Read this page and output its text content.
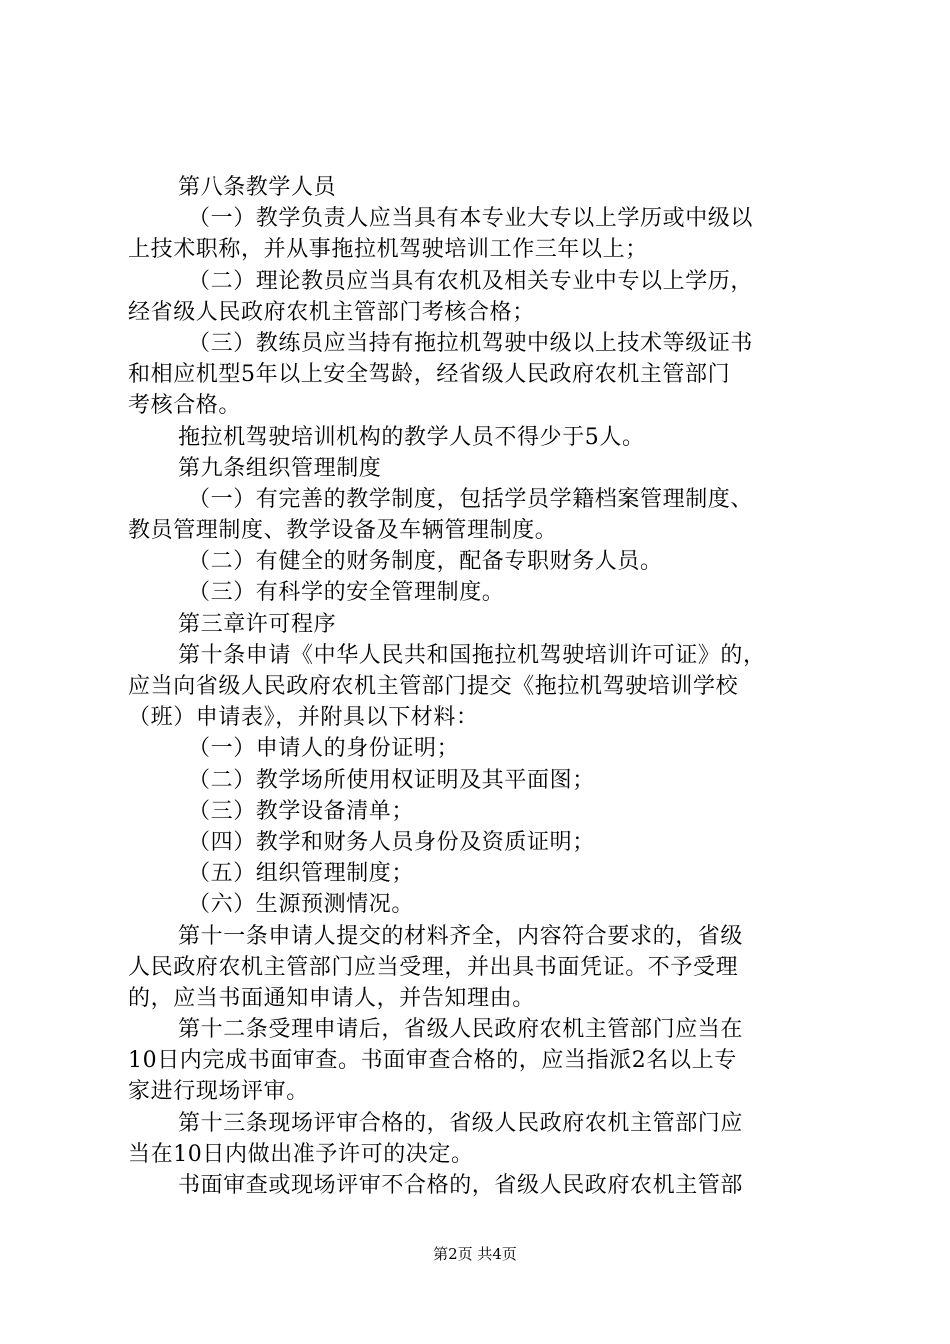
第八条教学人员
（一）教学负责人应当具有本专业大专以上学历或中级以
上技术职称，并从事拖拉机驾驶培训工作三年以上；
（二）理论教员应当具有农机及相关专业中专以上学历，
经省级人民政府农机主管部门考核合格；
（三）教练员应当持有拖拉机驾驶中级以上技术等级证书
和相应机型5年以上安全驾龄，经省级人民政府农机主管部门
考核合格。
拖拉机驾驶培训机构的教学人员不得少于5人。
第九条组织管理制度
（一）有完善的教学制度，包括学员学籍档案管理制度、
教员管理制度、教学设备及车辆管理制度。
（二）有健全的财务制度，配备专职财务人员。
（三）有科学的安全管理制度。
第三章许可程序
第十条申请《中华人民共和国拖拉机驾驶培训许可证》的，
应当向省级人民政府农机主管部门提交《拖拉机驾驶培训学校
（班）申请表》，并附具以下材料：
（一）申请人的身份证明；
（二）教学场所使用权证明及其平面图；
（三）教学设备清单；
（四）教学和财务人员身份及资质证明；
（五）组织管理制度；
（六）生源预测情况。
第十一条申请人提交的材料齐全，内容符合要求的，省级
人民政府农机主管部门应当受理，并出具书面凭证。不予受理
的，应当书面通知申请人，并告知理由。
第十二条受理申请后，省级人民政府农机主管部门应当在
10日内完成书面审查。书面审查合格的，应当指派2名以上专
家进行现场评审。
第十三条现场评审合格的，省级人民政府农机主管部门应
当在10日内做出准予许可的决定。
书面审查或现场评审不合格的，省级人民政府农机主管部
第2页 共4页
